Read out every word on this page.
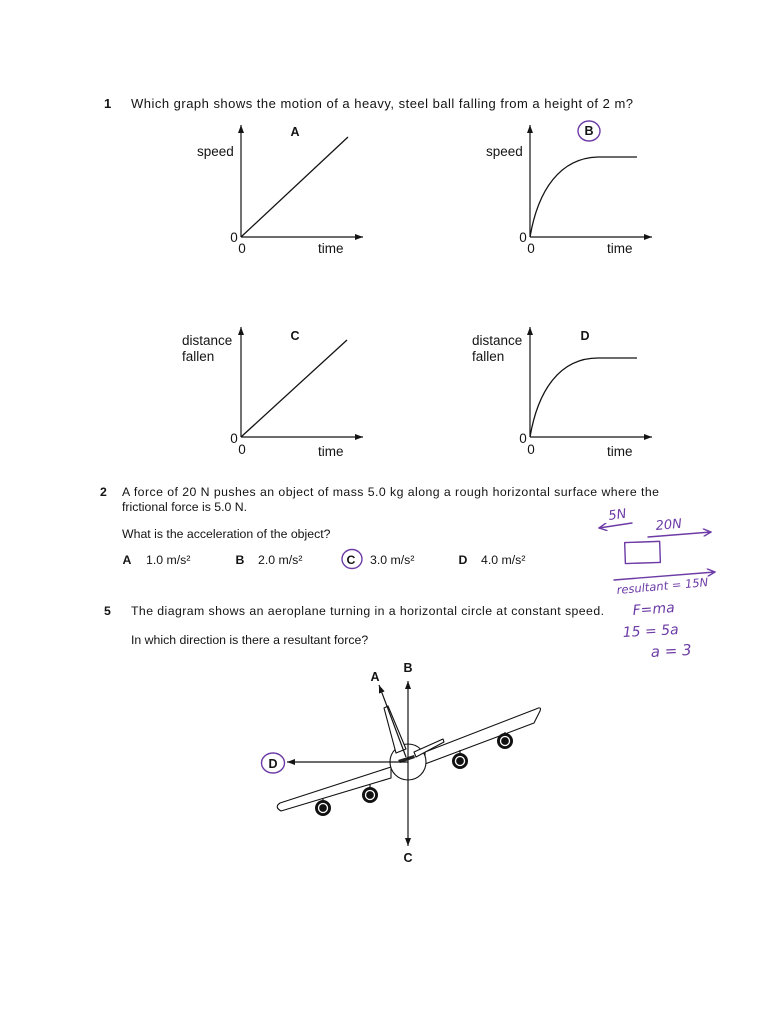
1 Which graph shows the motion of a heavy, steel ball falling from a height of 2 m?
A
speed
0
0	time
B
speed
0
0	time
C
distance
fallen
0
0	time
D
distance
fallen
0
0	time
2 A force of 20 N pushes an object of mass 5.0 kg along a rough horizontal surface where the
frictional force is 5.0 N.
What is the acceleration of the object?
A 1.0 m/s²	B 2.0 m/s²	C 3.0 m/s²	D 4.0 m/s²
5 The diagram shows an aeroplane turning in a horizontal circle at constant speed.
In which direction is there a resultant force?
A
B
C
D
5N
20N
resultant = 15N
F=ma
15 = 5a
a = 3
